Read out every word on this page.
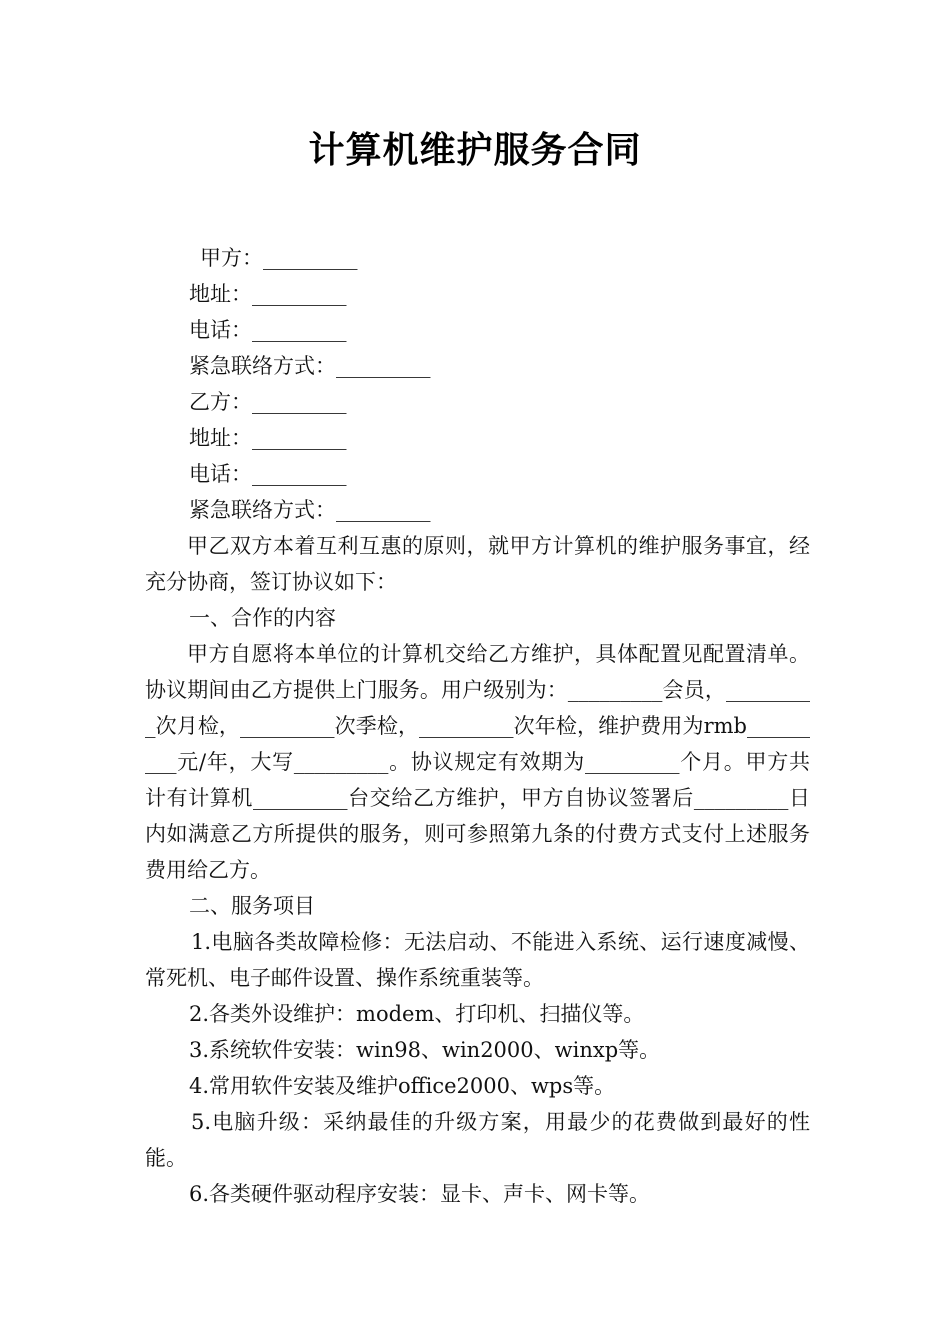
计算机维护服务合同

甲方：_________

地址：_________

电话：_________

紧急联络方式：_________

乙方：_________

地址：_________

电话：_________

紧急联络方式：_________

甲乙双方本着互利互惠的原则，就甲方计算机的维护服务事宜，经充分协商，签订协议如下：

一、合作的内容

甲方自愿将本单位的计算机交给乙方维护，具体配置见配置清单。协议期间由乙方提供上门服务。用户级别为：_________会员，_________次月检，_________次季检，_________次年检，维护费用为rmb_________元/年，大写_________。协议规定有效期为_________个月。甲方共计有计算机_________台交给乙方维护，甲方自协议签署后_________日内如满意乙方所提供的服务，则可参照第九条的付费方式支付上述服务费用给乙方。

二、服务项目

1.电脑各类故障检修：无法启动、不能进入系统、运行速度减慢、常死机、电子邮件设置、操作系统重装等。

2.各类外设维护：modem、打印机、扫描仪等。

3.系统软件安装：win98、win2000、winxp等。

4.常用软件安装及维护office2000、wps等。

5.电脑升级：采纳最佳的升级方案，用最少的花费做到最好的性能。

6.各类硬件驱动程序安装：显卡、声卡、网卡等。
